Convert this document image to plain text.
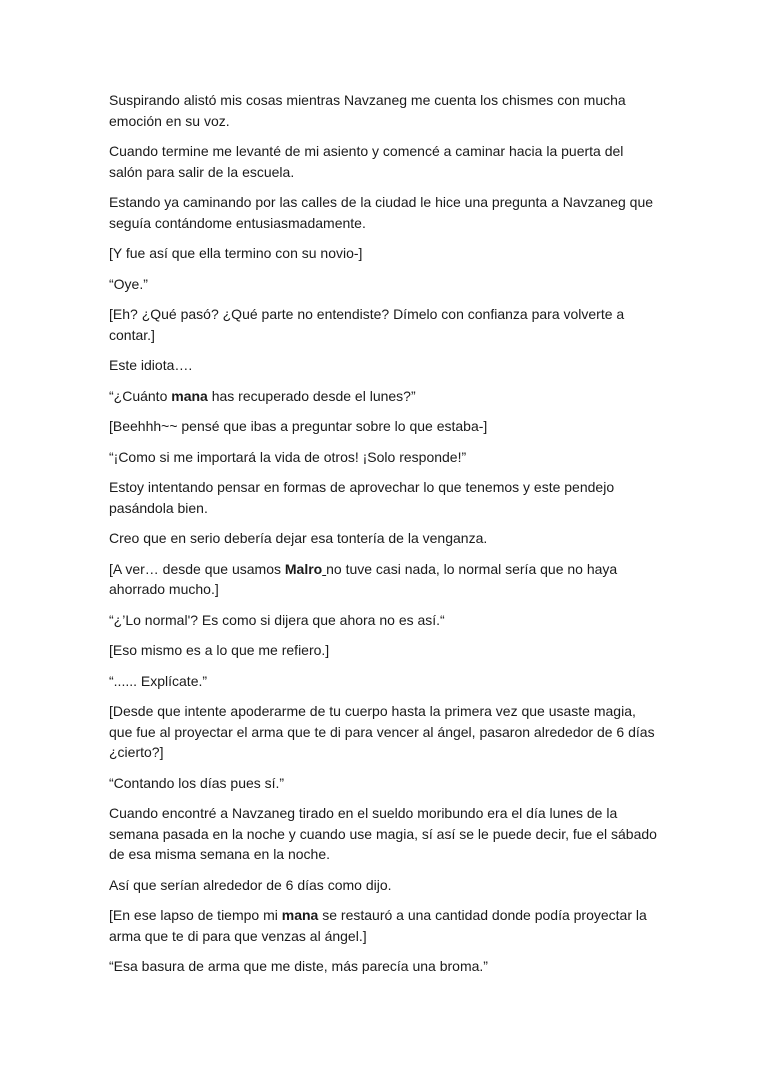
Suspirando alistó mis cosas mientras Navzaneg me cuenta los chismes con mucha emoción en su voz.

Cuando termine me levanté de mi asiento y comencé a caminar hacia la puerta del salón para salir de la escuela.

Estando ya caminando por las calles de la ciudad le hice una pregunta a Navzaneg que seguía contándome entusiasmadamente.

[Y fue así que ella termino con su novio-]

“Oye.”

[Eh? ¿Qué pasó? ¿Qué parte no entendiste? Dímelo con confianza para volverte a contar.]

Este idiota….

“¿Cuánto mana has recuperado desde el lunes?”

[Beehhh~~ pensé que ibas a preguntar sobre lo que estaba-]

“¡Como si me importará la vida de otros! ¡Solo responde!”

Estoy intentando pensar en formas de aprovechar lo que tenemos y este pendejo pasándola bien.

Creo que en serio debería dejar esa tontería de la venganza.

[A ver… desde que usamos Malro no tuve casi nada, lo normal sería que no haya ahorrado mucho.]

“¿’Lo normal'? Es como si dijera que ahora no es así.“

[Eso mismo es a lo que me refiero.]

“...... Explícate.”

[Desde que intente apoderarme de tu cuerpo hasta la primera vez que usaste magia, que fue al proyectar el arma que te di para vencer al ángel, pasaron alrededor de 6 días ¿cierto?]

“Contando los días pues sí.”

Cuando encontré a Navzaneg tirado en el sueldo moribundo era el día lunes de la semana pasada en la noche y cuando use magia, sí así se le puede decir, fue el sábado de esa misma semana en la noche.

Así que serían alrededor de 6 días como dijo.

[En ese lapso de tiempo mi mana se restauró a una cantidad donde podía proyectar la arma que te di para que venzas al ángel.]

“Esa basura de arma que me diste, más parecía una broma.”
